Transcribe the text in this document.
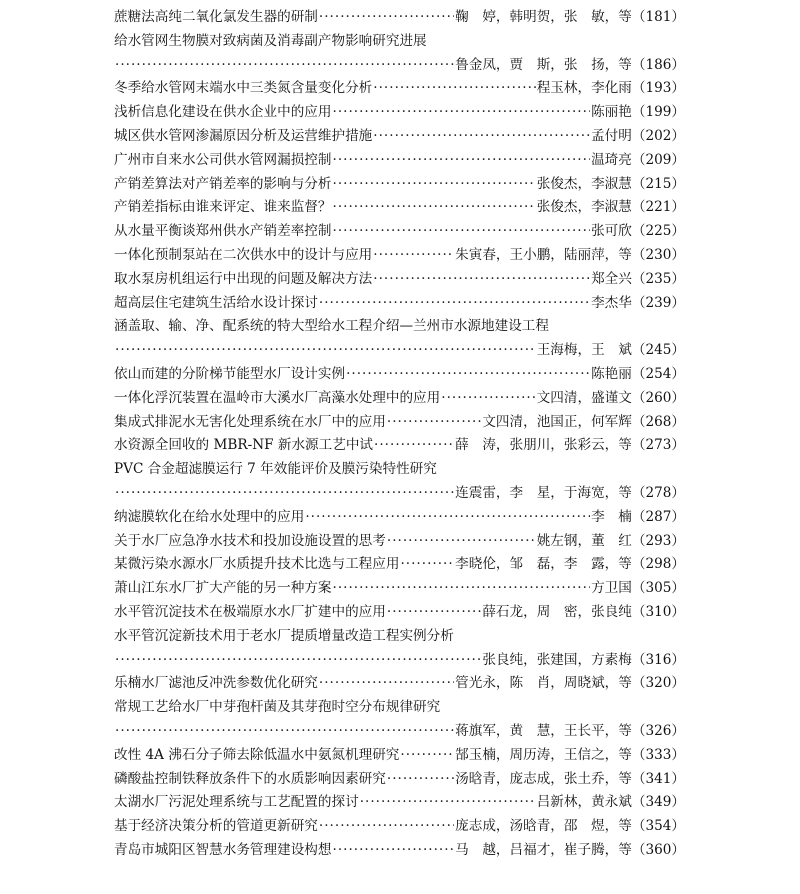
蔗糖法高纯二氧化氯发生器的研制 ·····	鞠　婷，韩明贺，张　敏，等 （181）
给水管网生物膜对致病菌及消毒副产物影响研究进展
·····
鲁金凤，贾　斯，张　扬，等 （186）
冬季给水管网末端水中三类氮含量变化分析 ·····	程玉林，李化雨 （193）
浅析信息化建设在供水企业中的应用 ·····	陈丽艳 （199）
城区供水管网渗漏原因分析及运营维护措施 ·····	孟付明 （202）
广州市自来水公司供水管网漏损控制 ·····	温琦亮 （209）
产销差算法对产销差率的影响与分析 ·····	张俊杰，李淑慧 （215）
产销差指标由谁来评定、谁来监督？ ·····	张俊杰，李淑慧 （221）
从水量平衡谈郑州供水产销差率控制 ·····	张可欣 （225）
一体化预制泵站在二次供水中的设计与应用 ·····	朱寅春，王小鹏，陆丽萍，等 （230）
取水泵房机组运行中出现的问题及解决方法 ·····	郑全兴 （235）
超高层住宅建筑生活给水设计探讨 ·····	李杰华 （239）
涵盖取、输、净、配系统的特大型给水工程介绍—兰州市水源地建设工程
·····
王海梅，王　斌 （245）
依山而建的分阶梯节能型水厂设计实例 ·····	陈艳丽 （254）
一体化浮沉装置在温岭市大溪水厂高藻水处理中的应用 ·····	文四清，盛谨文 （260）
集成式排泥水无害化处理系统在水厂中的应用 ·····	文四清，池国正，何军辉 （268）
水资源全回收的 MBR-NF 新水源工艺中试 ·····	薛　涛，张朋川，张彩云，等 （273）
PVC 合金超滤膜运行 7 年效能评价及膜污染特性研究
·····
连震雷，李　星，于海宽，等 （278）
纳滤膜软化在给水处理中的应用 ·····	李　楠 （287）
关于水厂应急净水技术和投加设施设置的思考 ·····	姚左钢，董　红 （293）
某微污染水源水厂水质提升技术比选与工程应用 ·····	李晓伦，邹　磊，李　露，等 （298）
萧山江东水厂扩大产能的另一种方案 ·····	方卫国 （305）
水平管沉淀技术在极端原水水厂扩建中的应用 ·····	薛石龙，周　密，张良纯 （310）
水平管沉淀新技术用于老水厂提质增量改造工程实例分析
·····
张良纯，张建国，方素梅 （316）
乐楠水厂滤池反冲洗参数优化研究 ·····	管光永，陈　肖，周晓斌，等 （320）
常规工艺给水厂中芽孢杆菌及其芽孢时空分布规律研究
·····
蒋旗军，黄　慧，王长平，等 （326）
改性 4A 沸石分子筛去除低温水中氨氮机理研究 ·····	郜玉楠，周历涛，王信之，等 （333）
磷酸盐控制铁释放条件下的水质影响因素研究 ·····	汤晗青，庞志成，张土乔，等 （341）
太湖水厂污泥处理系统与工艺配置的探讨 ·····	吕新林，黄永斌 （349）
基于经济决策分析的管道更新研究 ·····	庞志成，汤晗青，邵　煜，等 （354）
青岛市城阳区智慧水务管理建设构想 ·····	马　越，吕福才，崔子腾，等 （360）
